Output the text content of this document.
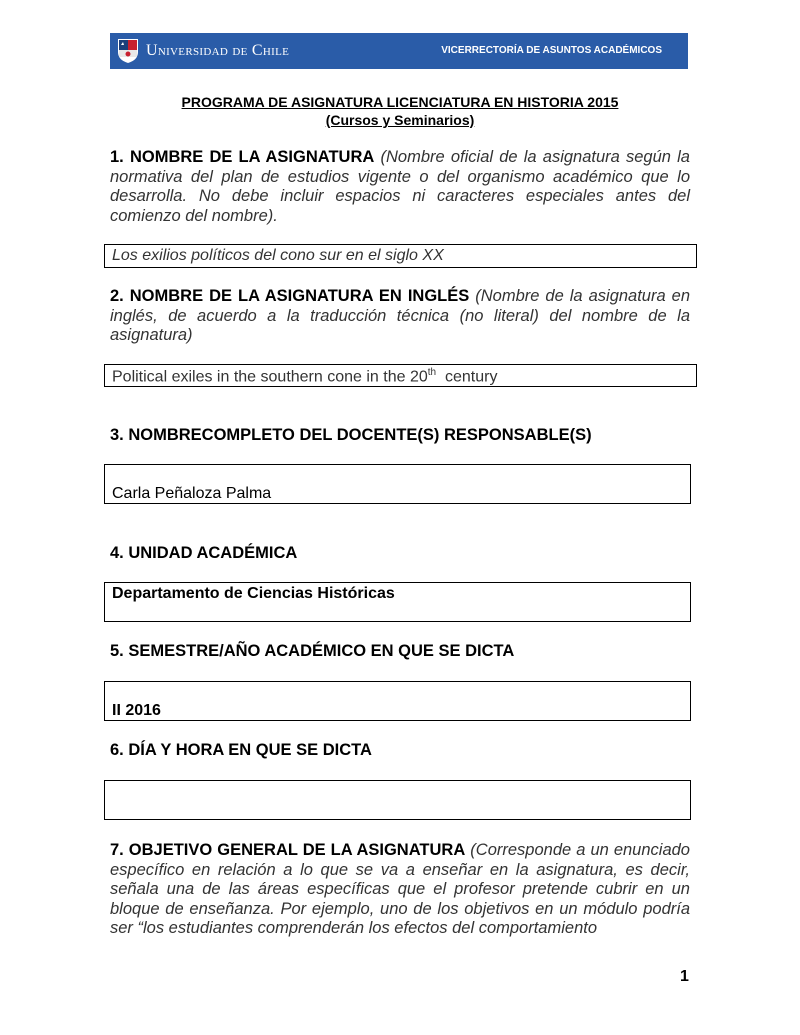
Universidad de Chile	VICERRECTORÍA DE ASUNTOS ACADÉMICOS
PROGRAMA DE ASIGNATURA LICENCIATURA EN HISTORIA 2015
(Cursos y Seminarios)
1. NOMBRE DE LA ASIGNATURA (Nombre oficial de la asignatura según la normativa del plan de estudios vigente o del organismo académico que lo desarrolla. No debe incluir espacios ni caracteres especiales antes del comienzo del nombre).
Los exilios políticos del cono sur en el siglo XX
2. NOMBRE DE LA ASIGNATURA EN INGLÉS (Nombre de la asignatura en inglés, de acuerdo a la traducción técnica (no literal) del nombre de la asignatura)
Political exiles in the southern cone in the 20th  century
3. NOMBRECOMPLETO DEL DOCENTE(S) RESPONSABLE(S)
Carla Peñaloza Palma
4. UNIDAD ACADÉMICA
Departamento de Ciencias Históricas
5. SEMESTRE/AÑO ACADÉMICO EN QUE SE DICTA
II 2016
6. DÍA Y HORA EN QUE SE DICTA
7. OBJETIVO GENERAL DE LA ASIGNATURA (Corresponde a un enunciado específico en relación a lo que se va a enseñar en la asignatura, es decir, señala una de las áreas específicas que el profesor pretende cubrir en un bloque de enseñanza. Por ejemplo, uno de los objetivos en un módulo podría ser “los estudiantes comprenderán los efectos del comportamiento
1
